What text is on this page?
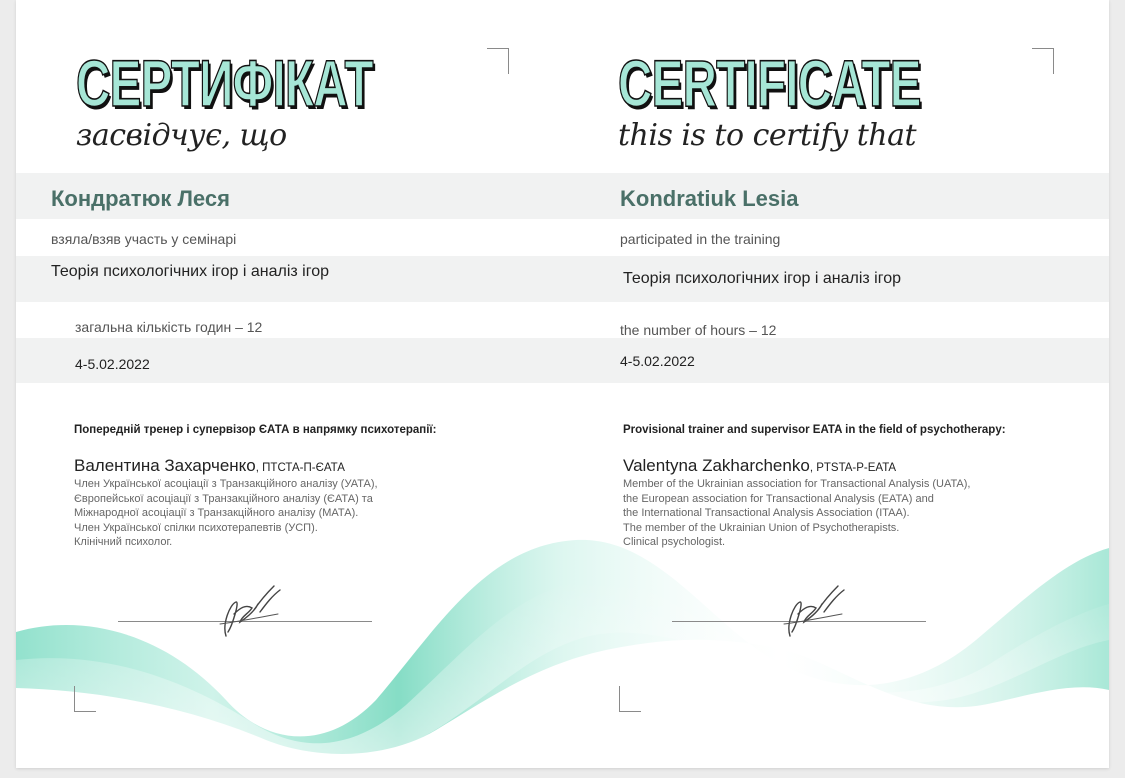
СЕРТИФІКАТ
засвідчує, що
Кондратюк Леся
взяла/взяв участь у семінарі
Теорія психологічних ігор і аналіз ігор
загальна кількість годин – 12
4-5.02.2022
Попередній тренер і супервізор ЄАТА в напрямку психотерапії:
Валентина Захарченко, ПТСТА-П-ЄАТА
Член Української асоціації з Транзакційного аналізу (УАТА),
Європейської асоціації з Транзакційного аналізу (ЄАТА) та
Міжнародної асоціації з Транзакційного аналізу (МАТА).
Член Української спілки психотерапевтів (УСП).
Клінічний психолог.
CERTIFICATE
this is to certify that
Kondratiuk Lesia
participated in the training
Теорія психологічних ігор і аналіз ігор
the number of hours – 12
4-5.02.2022
Provisional trainer and supervisor EATA in the field of psychotherapy:
Valentyna Zakharchenko, PTSTA-P-EATA
Member of the Ukrainian association for Transactional Analysis (UATA),
the European association for Transactional Analysis (EATA) and
the International Transactional Analysis Association (ITAA).
The member of the Ukrainian Union of Psychotherapists.
Clinical psychologist.
